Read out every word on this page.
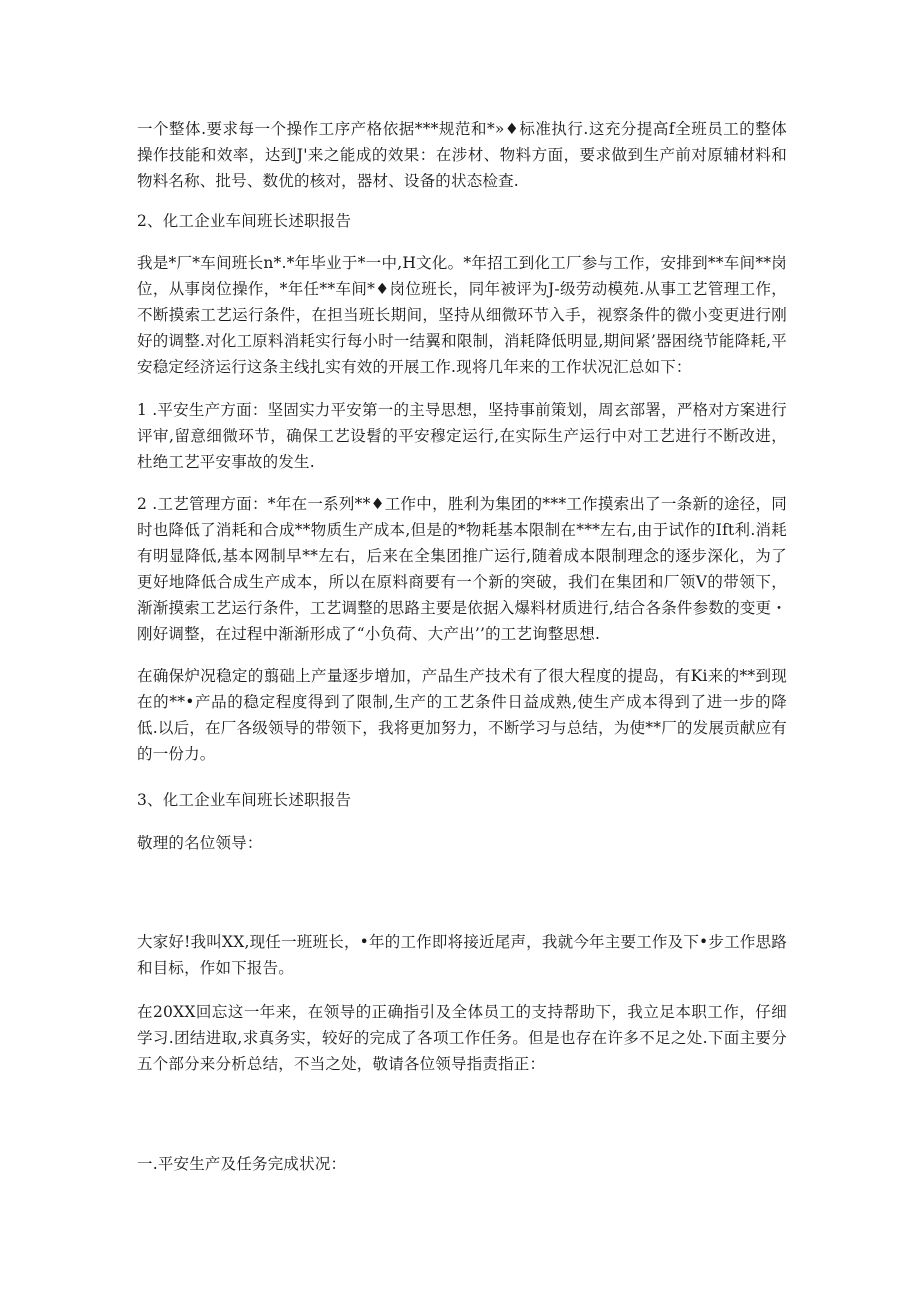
一个整体.要求每一个操作工序产格依据***规范和*»♦标准执行.这充分提高f全班员工的整体操作技能和效率，达到J'来之能成的效果：在涉材、物料方面，要求做到生产前对原辅材料和物料名称、批号、数优的核对，器材、设备的状态检查.

2、化工企业车间班长述职报告

我是*厂*车间班长n*.*年毕业于*一中,H文化。*年招工到化工厂参与工作，安排到**车间**岗位，从事岗位操作，*年任**车间*♦岗位班长，同年被评为J-级劳动模苑.从事工艺管理工作，不断摸索工艺运行条件，在担当班长期间，坚持从细微环节入手，视察条件的微小变更进行刚好的调整.对化工原料消耗实行每小时一结翼和限制，消耗降低明显,期间紧’器困绕节能降耗,平安稳定经济运行这条主线扎实有效的开展工作.现将几年来的工作状况汇总如下：

1 .平安生产方面：坚固实力平安第一的主导思想，坚持事前策划，周玄部署，严格对方案进行评审,留意细微环节，确保工艺设髫的平安穆定运行,在实际生产运行中对工艺进行不断改进，杜绝工艺平安事故的发生.

2 .工艺管理方面：*年在一系列**♦工作中，胜利为集团的***工作摸索出了一条新的途径，同时也降低了消耗和合成**物质生产成本,但是的*物耗基本限制在***左右,由于试作的Ift利.消耗有明显降低,基本网制早**左右，后来在全集团推广运行,随着成本限制理念的逐步深化，为了更好地降低合成生产成本，所以在原料商要有一个新的突破，我们在集团和厂领V的带领下，渐渐摸索工艺运行条件，工艺调整的思路主要是依据入爆料材质进行,结合各条件参数的变更・刚好调整，在过程中渐渐形成了“小负荷、大产出’’的工艺询整思想.

在确保炉况稳定的翦础上产量逐步增加，产品生产技术有了很大程度的提岛，有Ki来的**到现在的**•产品的稳定程度得到了限制,生产的工艺条件日益成熟,使生产成本得到了进一步的降低.以后，在厂各级领导的带领下，我将更加努力，不断学习与总结，为使**厂的发展贡献应有的一份力。

3、化工企业车间班长述职报告

敬理的名位领导：

大家好!我叫XX,现任一班班长，•年的工作即将接近尾声，我就今年主要工作及下•步工作思路和目标，作如下报告。

在20XX回忘这一年来，在领导的正确指引及全体员工的支持帮助下，我立足本职工作，仔细学习.团结进取,求真务实，较好的完成了各项工作任务。但是也存在许多不足之处.下面主要分五个部分来分析总结，不当之处，敬请各位领导指责指正：

一.平安生产及任务完成状况：
